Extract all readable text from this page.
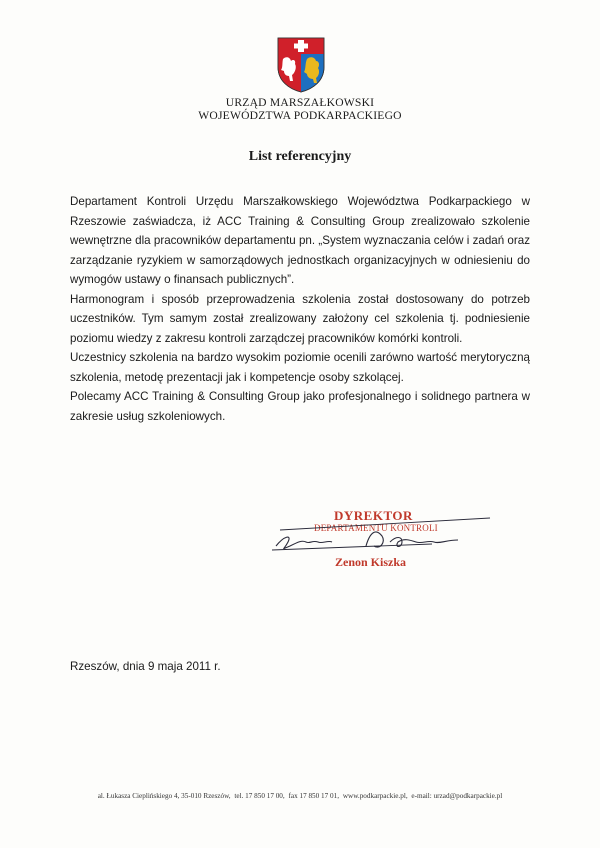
URZĄD MARSZAŁKOWSKI
WOJEWÓDZTWA PODKARPACKIEGO
List referencyjny

Departament Kontroli Urzędu Marszałkowskiego Województwa Podkarpackiego w Rzeszowie zaświadcza, iż ACC Training & Consulting Group zrealizowało szkolenie wewnętrzne dla pracowników departamentu pn. „System wyznaczania celów i zadań oraz zarządzanie ryzykiem w samorządowych jednostkach organizacyjnych w odniesieniu do wymogów ustawy o finansach publicznych”.

Harmonogram i sposób przeprowadzenia szkolenia został dostosowany do potrzeb uczestników. Tym samym został zrealizowany założony cel szkolenia tj. podniesienie poziomu wiedzy z zakresu kontroli zarządczej pracowników komórki kontroli.

Uczestnicy szkolenia na bardzo wysokim poziomie ocenili zarówno wartość merytoryczną szkolenia, metodę prezentacji jak i kompetencje osoby szkolącej.

Polecamy ACC Training & Consulting Group jako profesjonalnego i solidnego partnera w zakresie usług szkoleniowych.

DYREKTOR
DEPARTAMENTU KONTROLI
Zenon Kiszka
Rzeszów, dnia 9 maja 2011 r.
al. Łukasza Cieplińskiego 4, 35-010 Rzeszów, tel. 17 850 17 00, fax 17 850 17 01, www.podkarpackie.pl, e-mail: urzad@podkarpackie.pl
